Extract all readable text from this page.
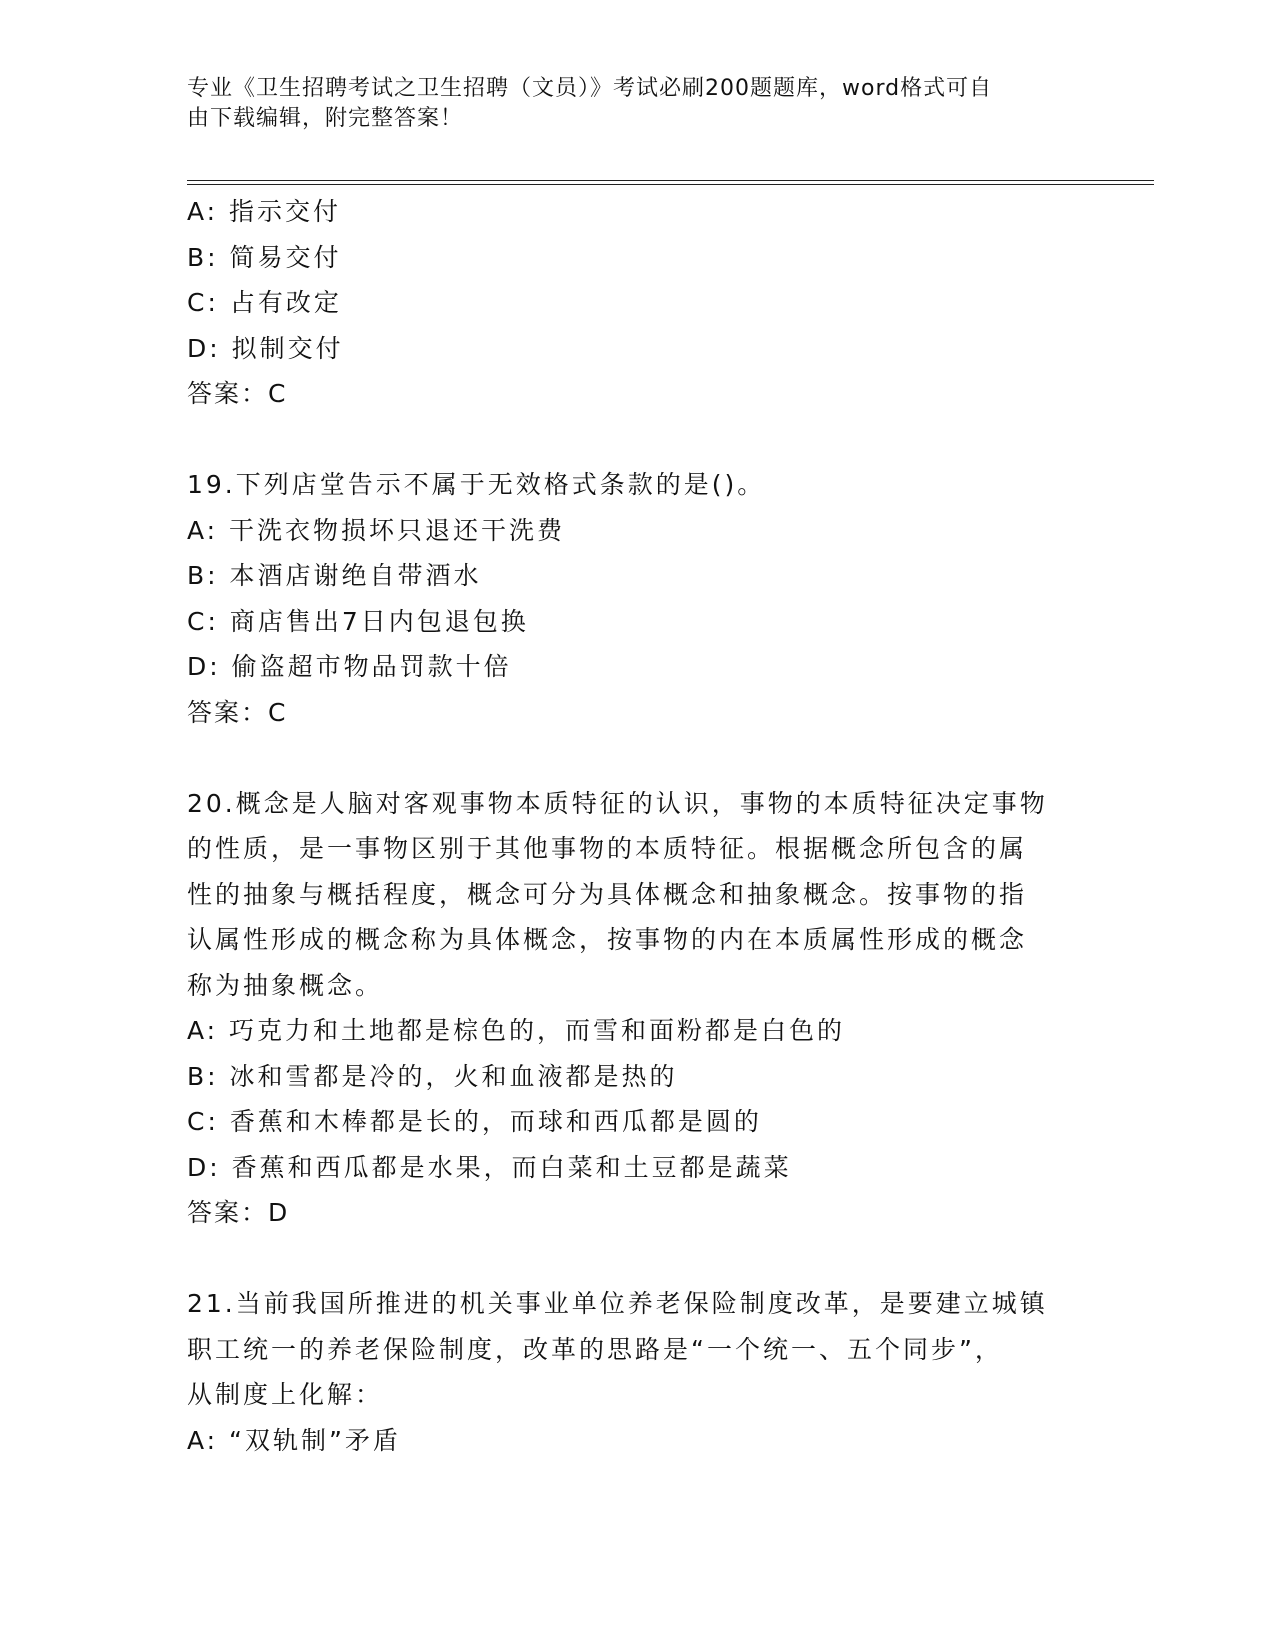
专业《卫生招聘考试之卫生招聘（文员）》考试必刷200题题库，word格式可自
由下载编辑，附完整答案！
A: 指示交付
B: 简易交付
C: 占有改定
D: 拟制交付
答案：C
19.下列店堂告示不属于无效格式条款的是()。
A: 干洗衣物损坏只退还干洗费
B: 本酒店谢绝自带酒水
C: 商店售出7日内包退包换
D: 偷盗超市物品罚款十倍
答案：C
20.概念是人脑对客观事物本质特征的认识，事物的本质特征决定事物
的性质，是一事物区别于其他事物的本质特征。根据概念所包含的属
性的抽象与概括程度，概念可分为具体概念和抽象概念。按事物的指
认属性形成的概念称为具体概念，按事物的内在本质属性形成的概念
称为抽象概念。
A: 巧克力和土地都是棕色的，而雪和面粉都是白色的
B: 冰和雪都是冷的，火和血液都是热的
C: 香蕉和木棒都是长的，而球和西瓜都是圆的
D: 香蕉和西瓜都是水果，而白菜和土豆都是蔬菜
答案：D
21.当前我国所推进的机关事业单位养老保险制度改革，是要建立城镇
职工统一的养老保险制度，改革的思路是“一个统一、五个同步”，
从制度上化解：
A: “双轨制”矛盾
